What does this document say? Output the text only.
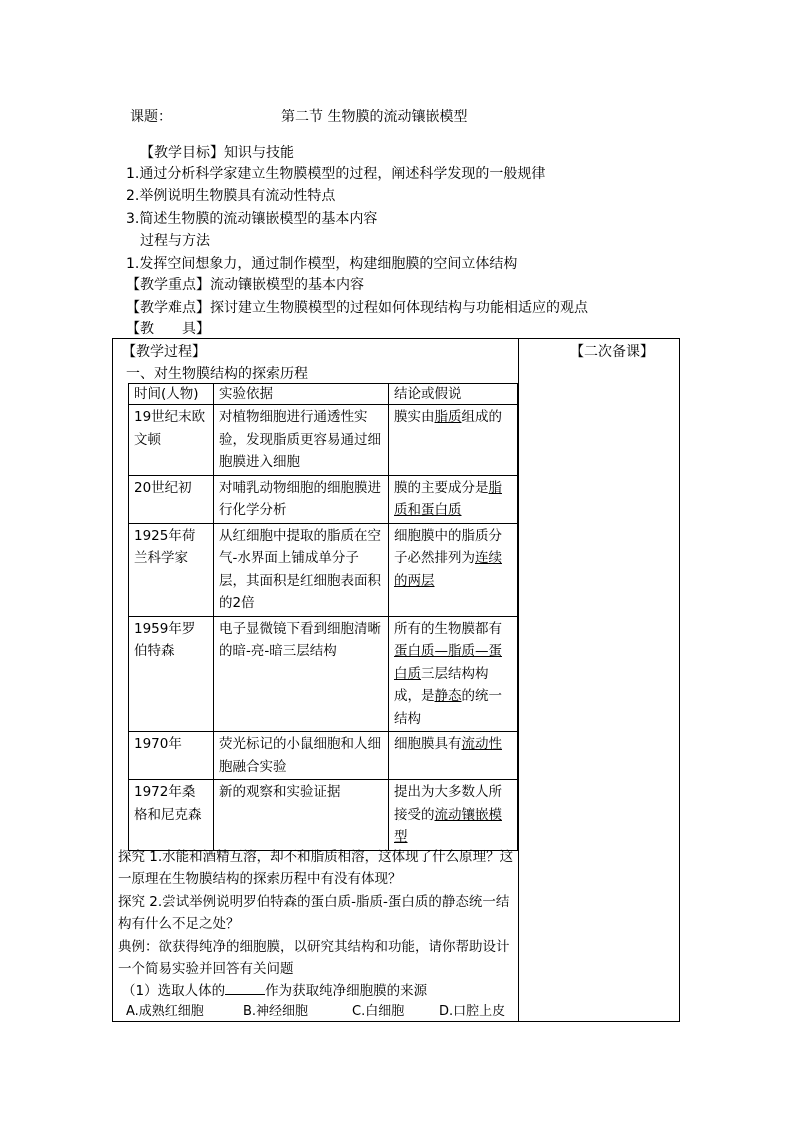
课题：	第二节 生物膜的流动镶嵌模型
【教学目标】知识与技能
1.通过分析科学家建立生物膜模型的过程，阐述科学发现的一般规律
2.举例说明生物膜具有流动性特点
3.简述生物膜的流动镶嵌模型的基本内容
过程与方法
1.发挥空间想象力，通过制作模型，构建细胞膜的空间立体结构
【教学重点】流动镶嵌模型的基本内容
【教学难点】探讨建立生物膜模型的过程如何体现结构与功能相适应的观点
【教　　具】
【教学过程】	【二次备课】
一、对生物膜结构的探索历程
时间(人物)	实验依据	结论或假说
19世纪末欧文顿	对植物细胞进行通透性实验，发现脂质更容易通过细胞膜进入细胞	膜实由脂质组成的
20世纪初	对哺乳动物细胞的细胞膜进行化学分析	膜的主要成分是脂质和蛋白质
1925年荷兰科学家	从红细胞中提取的脂质在空气-水界面上铺成单分子层，其面积是红细胞表面积的2倍	细胞膜中的脂质分子必然排列为连续的两层
1959年罗伯特森	电子显微镜下看到细胞清晰的暗-亮-暗三层结构	所有的生物膜都有蛋白质—脂质—蛋白质三层结构构成，是静态的统一结构
1970年	荧光标记的小鼠细胞和人细胞融合实验	细胞膜具有流动性
1972年桑格和尼克森	新的观察和实验证据	提出为大多数人所接受的流动镶嵌模型
探究 1.水能和酒精互溶，却不和脂质相溶，这体现了什么原理？这一原理在生物膜结构的探索历程中有没有体现？
探究 2.尝试举例说明罗伯特森的蛋白质-脂质-蛋白质的静态统一结构有什么不足之处？
典例：欲获得纯净的细胞膜，以研究其结构和功能，请你帮助设计一个简易实验并回答有关问题
（1）选取人体的	作为获取纯净细胞膜的来源
A.成熟红细胞	B.神经细胞	C.白细胞	D.口腔上皮
